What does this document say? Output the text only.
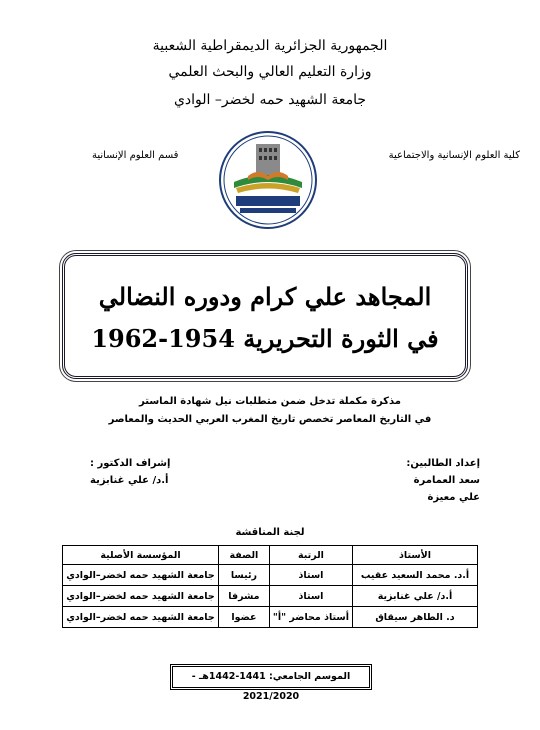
الجمهورية الجزائرية الديمقراطية الشعبية
وزارة التعليم العالي والبحث العلمي
جامعة الشهيد حمه لخضر– الوادي
كلية العلوم الإنسانية والاجتماعية
قسم العلوم الإنسانية
المجاهد علي كرام ودوره النضالي
في الثورة التحريرية 1954-1962
مذكرة مكملة تدخل ضمن متطلبات نيل شهادة الماستر
في التاريخ المعاصر تخصص تاريخ المغرب العربي الحديث والمعاصر
إعداد الطالبين:
سعد العمامرة
علي معيزة
إشراف الدكتور :
أ.د/ علي غنابزية
لجنة المناقشة
الأستاذ	الرتبة	الصفة	المؤسسة الأصلية
أ.د. محمد السعيد عقيب	استاذ	رئيسا	جامعة الشهيد حمه لخضر–الوادي
أ.د/ علي غنابزية	استاذ	مشرفا	جامعة الشهيد حمه لخضر–الوادي
د. الطاهر سيقاق	أستاذ محاضر "أ"	عضوا	جامعة الشهيد حمه لخضر–الوادي
الموسم الجامعي: 1441-1442هـ - 2021/2020
